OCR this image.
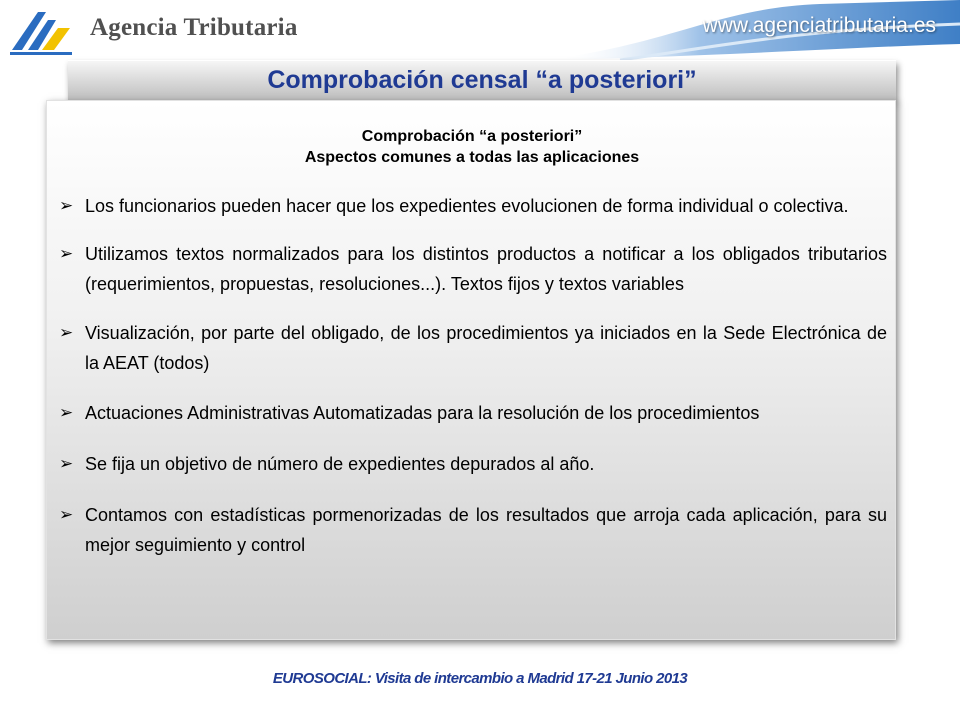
Agencia Tributaria	www.agenciatributaria.es
Comprobación censal “a posteriori”
Comprobación “a posteriori”
Aspectos comunes a todas las aplicaciones
➢ Los funcionarios pueden hacer que los expedientes evolucionen de forma individual o colectiva.
➢ Utilizamos textos normalizados para los distintos productos a notificar a los obligados tributarios (requerimientos, propuestas, resoluciones...). Textos fijos y textos variables
➢ Visualización, por parte del obligado, de los procedimientos ya iniciados en la Sede Electrónica de la AEAT (todos)
➢ Actuaciones Administrativas Automatizadas para la resolución de los procedimientos
➢ Se fija un objetivo de número de expedientes depurados al año.
➢ Contamos con estadísticas pormenorizadas de los resultados que arroja cada aplicación, para su mejor seguimiento y control
EUROSOCIAL: Visita de intercambio a Madrid 17-21 Junio 2013
